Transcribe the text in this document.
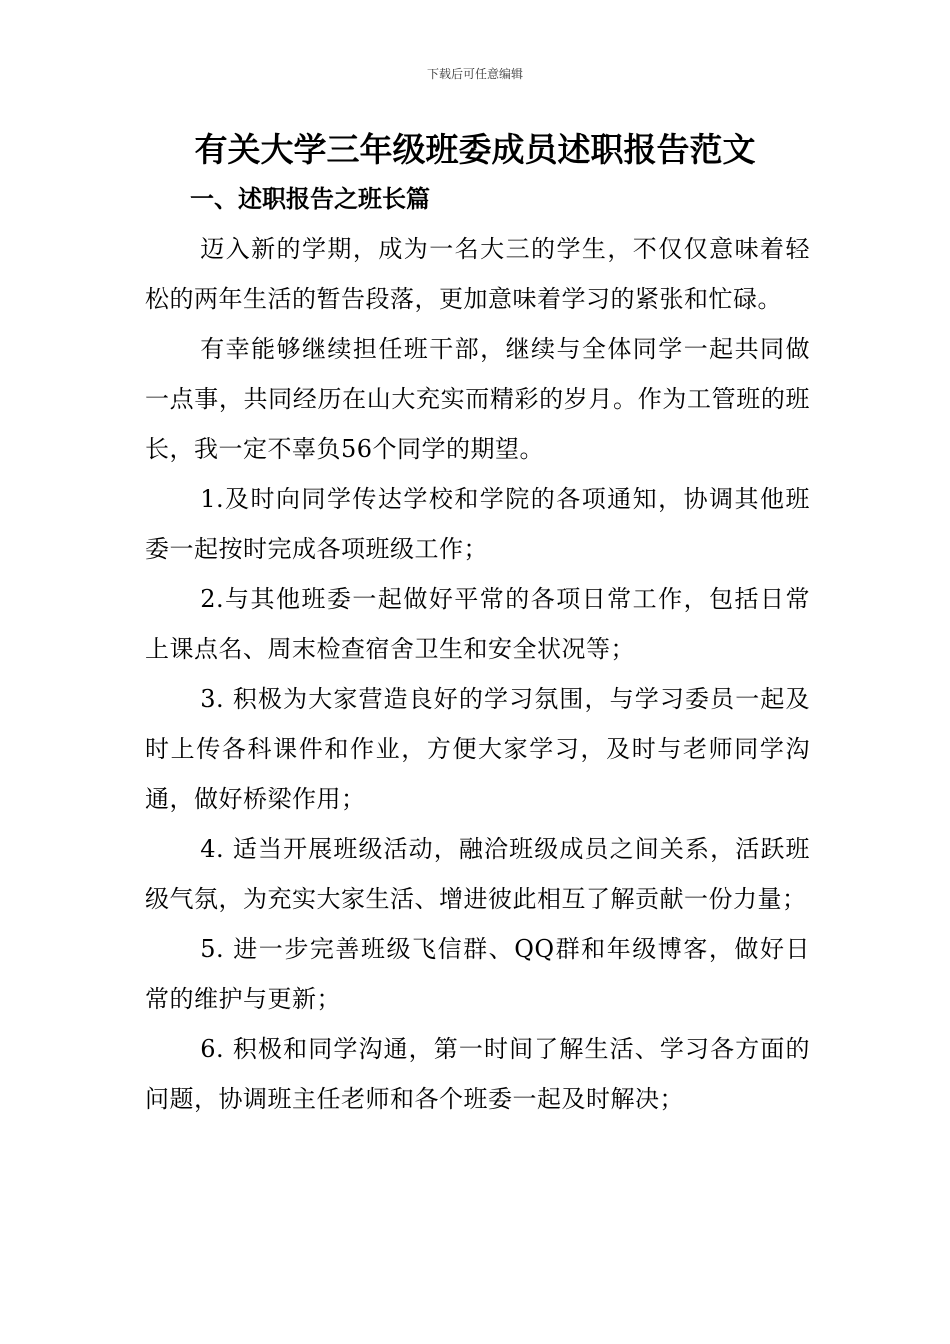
下载后可任意编辑
有关大学三年级班委成员述职报告范文
一、述职报告之班长篇

迈入新的学期，成为一名大三的学生，不仅仅意味着轻松的两年生活的暂告段落，更加意味着学习的紧张和忙碌。

有幸能够继续担任班干部，继续与全体同学一起共同做一点事，共同经历在山大充实而精彩的岁月。作为工管班的班长，我一定不辜负56个同学的期望。

1.及时向同学传达学校和学院的各项通知，协调其他班委一起按时完成各项班级工作；

2.与其他班委一起做好平常的各项日常工作，包括日常上课点名、周末检查宿舍卫生和安全状况等；

3. 积极为大家营造良好的学习氛围，与学习委员一起及时上传各科课件和作业，方便大家学习，及时与老师同学沟通，做好桥梁作用；

4. 适当开展班级活动，融洽班级成员之间关系，活跃班级气氛，为充实大家生活、增进彼此相互了解贡献一份力量；

5. 进一步完善班级飞信群、QQ群和年级博客，做好日常的维护与更新；

6. 积极和同学沟通，第一时间了解生活、学习各方面的问题，协调班主任老师和各个班委一起及时解决；
